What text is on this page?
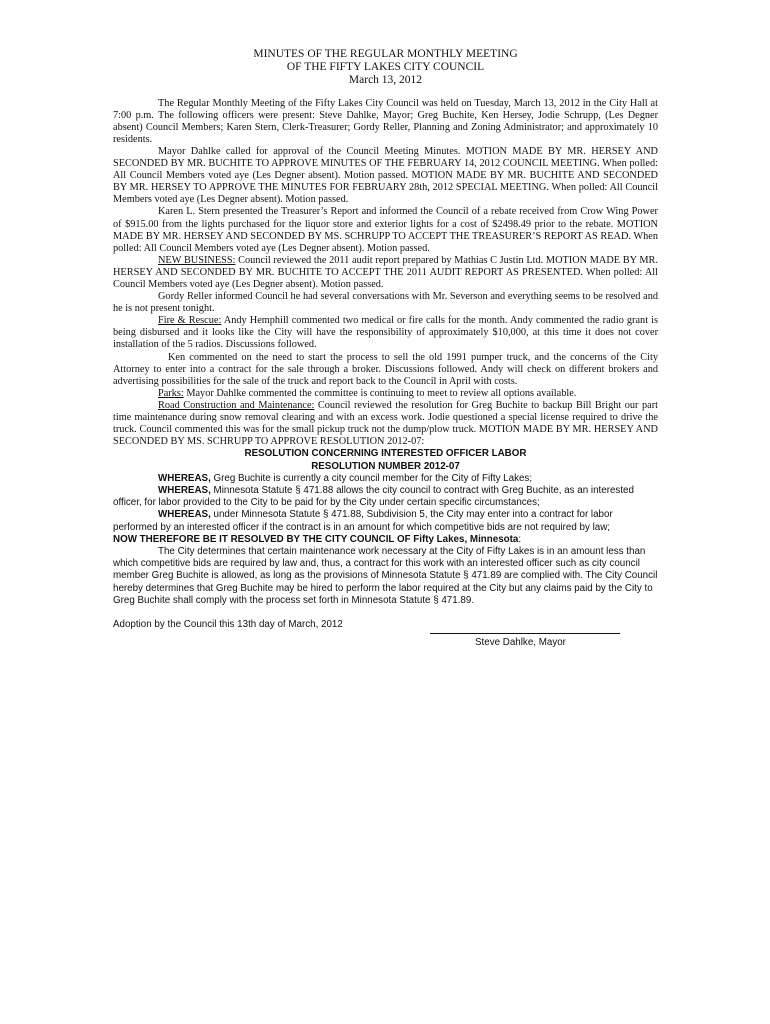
MINUTES OF THE REGULAR MONTHLY MEETING
OF THE FIFTY LAKES CITY COUNCIL
March 13, 2012

The Regular Monthly Meeting of the Fifty Lakes City Council was held on Tuesday, March 13, 2012 in the City Hall at 7:00 p.m. The following officers were present: Steve Dahlke, Mayor; Greg Buchite, Ken Hersey, Jodie Schrupp, (Les Degner absent) Council Members; Karen Stern, Clerk-Treasurer; Gordy Reller, Planning and Zoning Administrator; and approximately 10 residents.

Mayor Dahlke called for approval of the Council Meeting Minutes. MOTION MADE BY MR. HERSEY AND SECONDED BY MR. BUCHITE TO APPROVE MINUTES OF THE FEBRUARY 14, 2012 COUNCIL MEETING. When polled: All Council Members voted aye (Les Degner absent). Motion passed. MOTION MADE BY MR. BUCHITE AND SECONDED BY MR. HERSEY TO APPROVE THE MINUTES FOR FEBRUARY 28th, 2012 SPECIAL MEETING. When polled: All Council Members voted aye (Les Degner absent). Motion passed.

Karen L. Stern presented the Treasurer’s Report and informed the Council of a rebate received from Crow Wing Power of $915.00 from the lights purchased for the liquor store and exterior lights for a cost of $2498.49 prior to the rebate. MOTION MADE BY MR. HERSEY AND SECONDED BY MS. SCHRUPP TO ACCEPT THE TREASURER’S REPORT AS READ. When polled: All Council Members voted aye (Les Degner absent). Motion passed.

NEW BUSINESS: Council reviewed the 2011 audit report prepared by Mathias C Justin Ltd. MOTION MADE BY MR. HERSEY AND SECONDED BY MR. BUCHITE TO ACCEPT THE 2011 AUDIT REPORT AS PRESENTED. When polled: All Council Members voted aye (Les Degner absent). Motion passed.

Gordy Reller informed Council he had several conversations with Mr. Severson and everything seems to be resolved and he is not present tonight.

Fire & Rescue: Andy Hemphill commented two medical or fire calls for the month. Andy commented the radio grant is being disbursed and it looks like the City will have the responsibility of approximately $10,000, at this time it does not cover installation of the 5 radios. Discussions followed.

Ken commented on the need to start the process to sell the old 1991 pumper truck, and the concerns of the City Attorney to enter into a contract for the sale through a broker. Discussions followed. Andy will check on different brokers and advertising possibilities for the sale of the truck and report back to the Council in April with costs.

Parks: Mayor Dahlke commented the committee is continuing to meet to review all options available.

Road Construction and Maintenance: Council reviewed the resolution for Greg Buchite to backup Bill Bright our part time maintenance during snow removal clearing and with an excess work. Jodie questioned a special license required to drive the truck. Council commented this was for the small pickup truck not the dump/plow truck. MOTION MADE BY MR. HERSEY AND SECONDED BY MS. SCHRUPP TO APPROVE RESOLUTION 2012-07:

RESOLUTION CONCERNING INTERESTED OFFICER LABOR
RESOLUTION NUMBER 2012-07

WHEREAS, Greg Buchite is currently a city council member for the City of Fifty Lakes;

WHEREAS, Minnesota Statute § 471.88 allows the city council to contract with Greg Buchite, as an interested officer, for labor provided to the City to be paid for by the City under certain specific circumstances;

WHEREAS, under Minnesota Statute § 471.88, Subdivision 5, the City may enter into a contract for labor performed by an interested officer if the contract is in an amount for which competitive bids are not required by law;

NOW THEREFORE BE IT RESOLVED BY THE CITY COUNCIL OF Fifty Lakes, Minnesota:

The City determines that certain maintenance work necessary at the City of Fifty Lakes is in an amount less than which competitive bids are required by law and, thus, a contract for this work with an interested officer such as city council member Greg Buchite is allowed, as long as the provisions of Minnesota Statute § 471.89 are complied with. The City Council hereby determines that Greg Buchite may be hired to perform the labor required at the City but any claims paid by the City to Greg Buchite shall comply with the process set forth in Minnesota Statute § 471.89.

Adoption by the Council this 13th day of March, 2012

Steve Dahlke, Mayor
